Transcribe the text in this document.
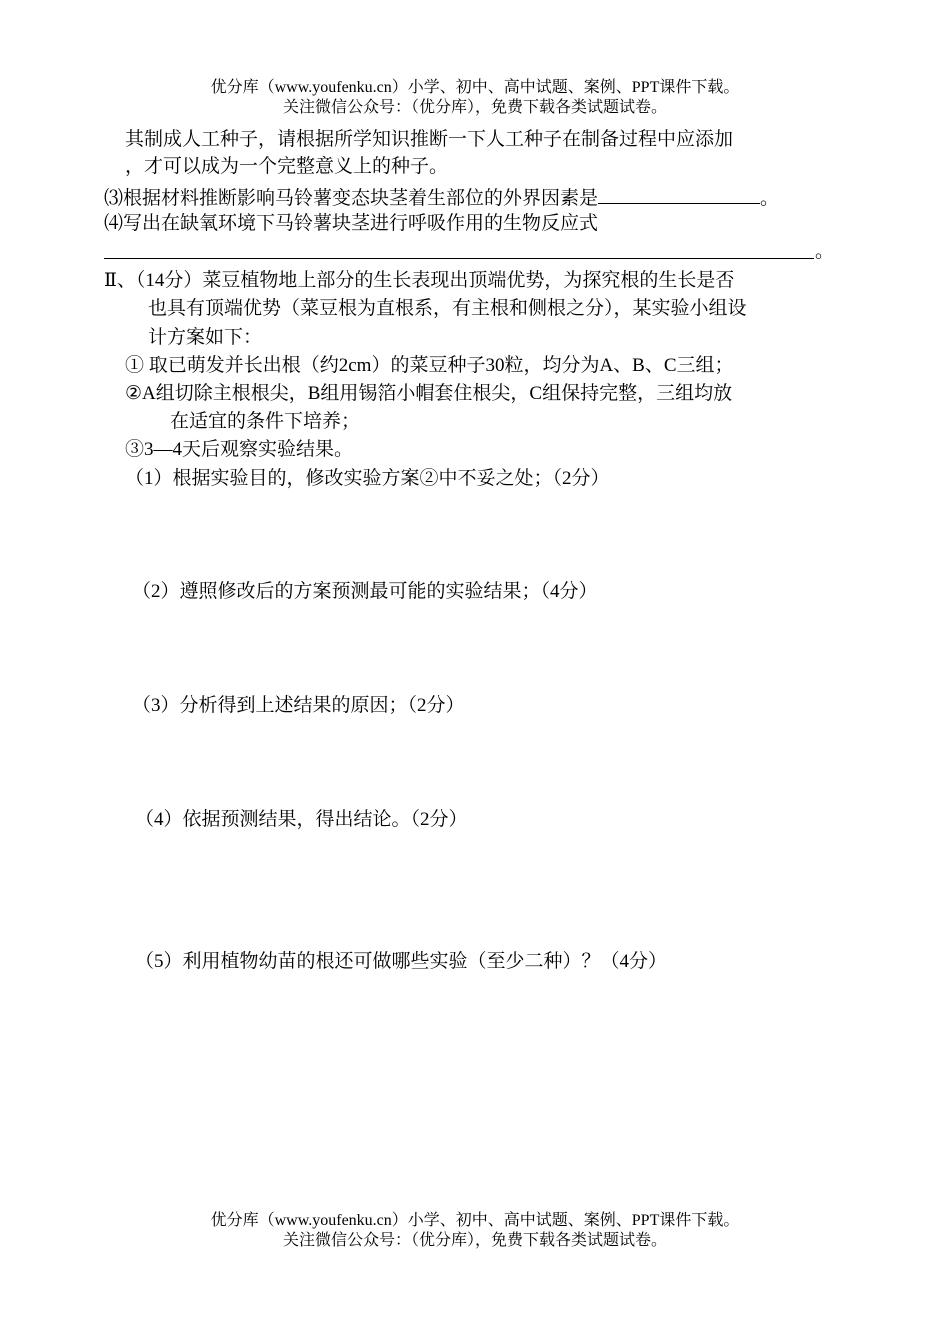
优分库（www.youfenku.cn）小学、初中、高中试题、案例、PPT课件下载。
关注微信公众号：（优分库），免费下载各类试题试卷。
其制成人工种子，请根据所学知识推断一下人工种子在制备过程中应添加
，才可以成为一个完整意义上的种子。
⑶根据材料推断影响马铃薯变态块茎着生部位的外界因素是	。
⑷写出在缺氧环境下马铃薯块茎进行呼吸作用的生物反应式
。
Ⅱ、（14分）菜豆植物地上部分的生长表现出顶端优势，为探究根的生长是否
也具有顶端优势（菜豆根为直根系，有主根和侧根之分），某实验小组设
计方案如下：
① 取已萌发并长出根（约2cm）的菜豆种子30粒，均分为A、B、C三组；
②A组切除主根根尖，B组用锡箔小帽套住根尖，C组保持完整，三组均放
在适宜的条件下培养；
③3—4天后观察实验结果。
（1）根据实验目的，修改实验方案②中不妥之处；（2分）
（2）遵照修改后的方案预测最可能的实验结果；（4分）
（3）分析得到上述结果的原因；（2分）
（4）依据预测结果，得出结论。（2分）
（5）利用植物幼苗的根还可做哪些实验（至少二种）？（4分）
优分库（www.youfenku.cn）小学、初中、高中试题、案例、PPT课件下载。
关注微信公众号：（优分库），免费下载各类试题试卷。
